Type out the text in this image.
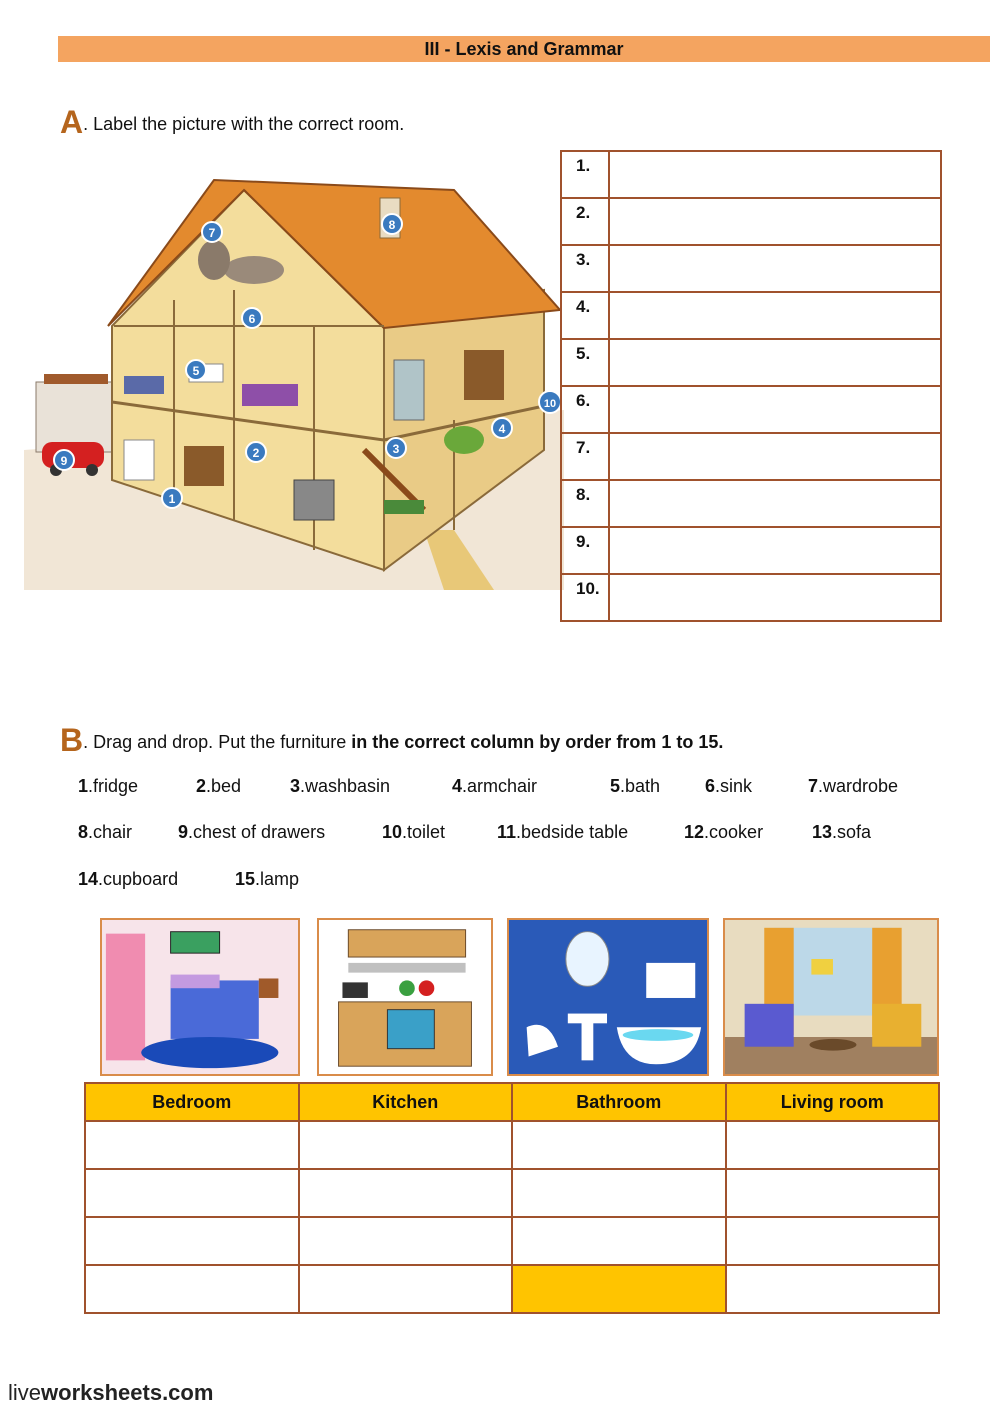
III - Lexis and Grammar
A. Label the picture with the correct room.
1
2	3
4
5
6
7
8
9
10
1.	
2.	
3.	
4.	
5.	
6.	
7.	
8.	
9.	
10.	
B. Drag and drop. Put the furniture in the correct column by order from 1 to 15.
1.fridge	2.bed	3.washbasin	4.armchair	5.bath 6.sink	7.wardrobe
8.chair	9.chest of drawers	10.toilet	11.bedside table	12.cooker	13.sofa
14.cupboard	15.lamp
Bedroom	Kitchen	Bathroom	Living room

liveworksheets.com
